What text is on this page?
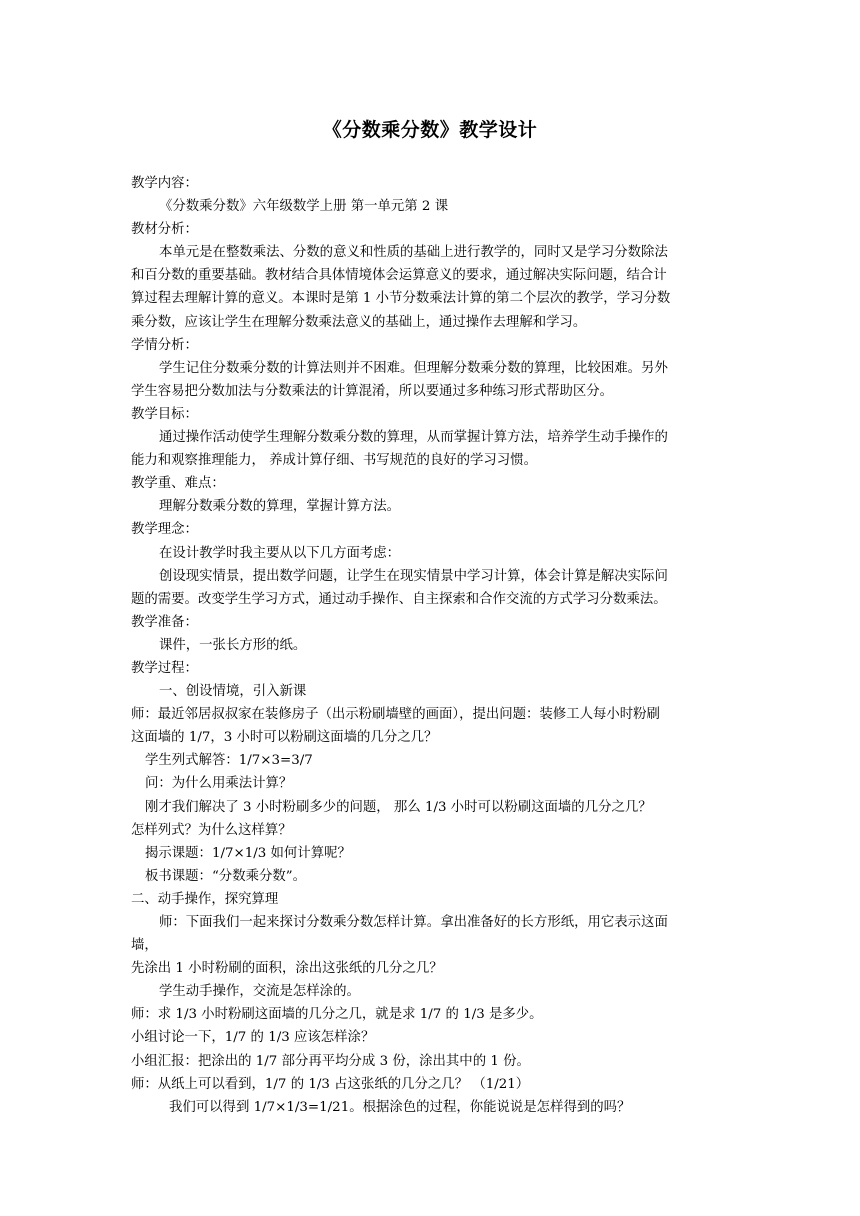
《分数乘分数》教学设计
教学内容：
《分数乘分数》六年级数学上册 第一单元第 2 课
教材分析：
本单元是在整数乘法、分数的意义和性质的基础上进行教学的，同时又是学习分数除法
和百分数的重要基础。教材结合具体情境体会运算意义的要求，通过解决实际问题，结合计
算过程去理解计算的意义。本课时是第 1 小节分数乘法计算的第二个层次的教学，学习分数
乘分数，应该让学生在理解分数乘法意义的基础上，通过操作去理解和学习。
学情分析：
学生记住分数乘分数的计算法则并不困难。但理解分数乘分数的算理，比较困难。另外
学生容易把分数加法与分数乘法的计算混淆，所以要通过多种练习形式帮助区分。
教学目标：
通过操作活动使学生理解分数乘分数的算理，从而掌握计算方法，培养学生动手操作的
能力和观察推理能力， 养成计算仔细、书写规范的良好的学习习惯。
教学重、难点：
理解分数乘分数的算理，掌握计算方法。
教学理念：
在设计教学时我主要从以下几方面考虑：
创设现实情景，提出数学问题，让学生在现实情景中学习计算，体会计算是解决实际问
题的需要。改变学生学习方式，通过动手操作、自主探索和合作交流的方式学习分数乘法。
教学准备：
课件，一张长方形的纸。
教学过程：
一、创设情境，引入新课
师：最近邻居叔叔家在装修房子（出示粉刷墙壁的画面），提出问题：装修工人每小时粉刷
这面墙的 1/7，3 小时可以粉刷这面墙的几分之几？
学生列式解答：1/7×3=3/7
问：为什么用乘法计算？
刚才我们解决了 3 小时粉刷多少的问题， 那么 1/3 小时可以粉刷这面墙的几分之几？
怎样列式？为什么这样算？
揭示课题：1/7×1/3 如何计算呢？
板书课题：“分数乘分数”。
二、动手操作，探究算理
师：下面我们一起来探讨分数乘分数怎样计算。拿出准备好的长方形纸，用它表示这面
墙，
先涂出 1 小时粉刷的面积，涂出这张纸的几分之几？
学生动手操作，交流是怎样涂的。
师：求 1/3 小时粉刷这面墙的几分之几，就是求 1/7 的 1/3 是多少。
小组讨论一下，1/7 的 1/3 应该怎样涂？
小组汇报：把涂出的 1/7 部分再平均分成 3 份，涂出其中的 1 份。
师：从纸上可以看到，1/7 的 1/3 占这张纸的几分之几？ （1/21）
我们可以得到 1/7×1/3=1/21。根据涂色的过程，你能说说是怎样得到的吗？
